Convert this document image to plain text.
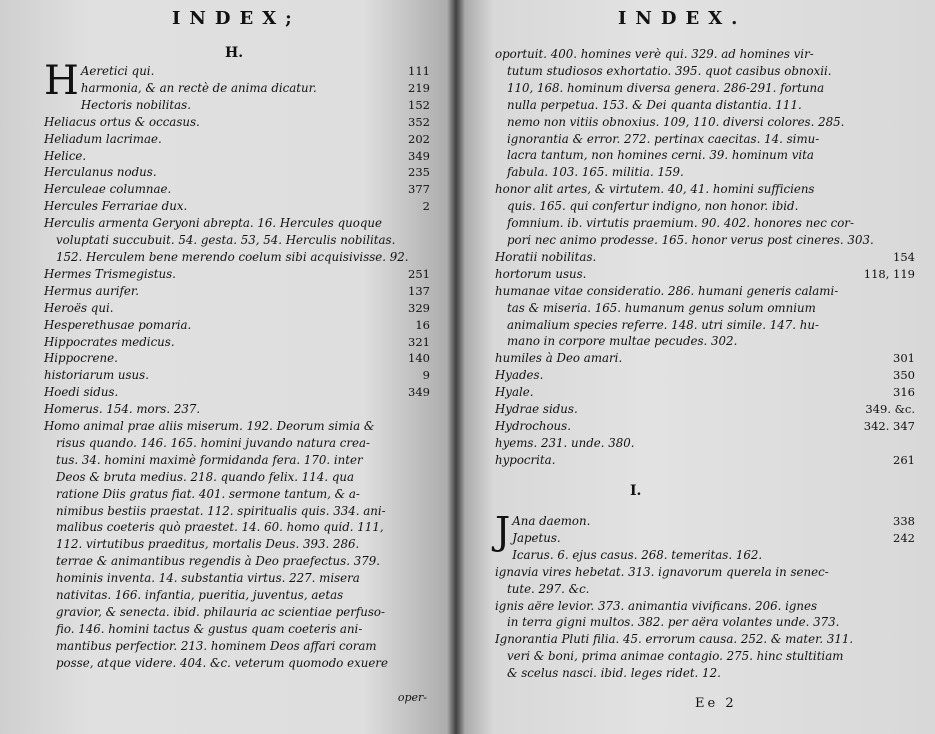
INDEX;
H.
H Aeretici qui.	111
harmonia, & an rectè de anima dicatur.	219
Hectoris nobilitas.	152
Heliacus ortus & occasus.	352
Heliadum lacrimae.	202
Helice.	349
Herculanus nodus.	235
Herculeae columnae.	377
Hercules Ferrariae dux.	2
Herculis armenta Geryoni abrepta. 16. Hercules quoque
voluptati succubuit. 54. gesta. 53, 54. Herculis nobilitas.
152. Herculem bene merendo coelum sibi acquisivisse. 92.
Hermes Trismegistus.	251
Hermus aurifer.	137
Heroës qui.	329
Hesperethusae pomaria.	16
Hippocrates medicus.	321
Hippocrene.	140
historiarum usus.	9
Hoedi sidus.	349
Homerus. 154. mors. 237.
Homo animal prae aliis miserum. 192. Deorum simia &
risus quando. 146. 165. homini juvando natura crea-
tus. 34. homini maximè formidanda fera. 170. inter
Deos & bruta medius. 218. quando felix. 114. qua
ratione Diis gratus fiat. 401. sermone tantum, & a-
nimibus bestiis praestat. 112. spiritualis quis. 334. ani-
malibus coeteris quò praestet. 14. 60. homo quid. 111,
112. virtutibus praeditus, mortalis Deus. 393. 286.
terrae & animantibus regendis à Deo praefectus. 379.
hominis inventa. 14. substantia virtus. 227. misera
nativitas. 166. infantia, pueritia, juventus, aetas
gravior, & senecta. ibid. philauria ac scientiae perfuso-
fio. 146. homini tactus & gustus quam coeteris ani-
mantibus perfectior. 213. hominem Deos affari coram
posse, atque videre. 404. &c. veterum quomodo exuere
oper-
INDEX.
oportuit. 400. homines verè qui. 329. ad homines vir-
tutum studiosos exhortatio. 395. quot casibus obnoxii.
110, 168. hominum diversa genera. 286-291. fortuna
nulla perpetua. 153. & Dei quanta distantia. 111.
nemo non vitiis obnoxius. 109, 110. diversi colores. 285.
ignorantia & error. 272. pertinax caecitas. 14. simu-
lacra tantum, non homines cerni. 39. hominum vita
fabula. 103. 165. militia. 159.
honor alit artes, & virtutem. 40, 41. homini sufficiens
quis. 165. qui confertur indigno, non honor. ibid.
fomnium. ib. virtutis praemium. 90. 402. honores nec cor-
pori nec animo prodesse. 165. honor verus post cineres. 303.
Horatii nobilitas.	154
hortorum usus.	118, 119
humanae vitae consideratio. 286. humani generis calami-
tas & miseria. 165. humanum genus solum omnium
animalium species referre. 148. utri simile. 147. hu-
mano in corpore multae pecudes. 302.
humiles à Deo amari.	301
Hyades.	350
Hyale.	316
Hydrae sidus.	349. &c.
Hydrochous.	342. 347
hyems. 231. unde. 380.
hypocrita.	261
I.
J Ana daemon.	338
Japetus.	242
Icarus. 6. ejus casus. 268. temeritas. 162.
ignavia vires hebetat. 313. ignavorum querela in senec-
tute. 297. &c.
ignis aëre levior. 373. animantia vivificans. 206. ignes
in terra gigni multos. 382. per aëra volantes unde. 373.
Ignorantia Pluti filia. 45. errorum causa. 252. & mater. 311.
veri & boni, prima animae contagio. 275. hinc stultitiam
& scelus nasci. ibid. leges ridet. 12.
Ee 2
